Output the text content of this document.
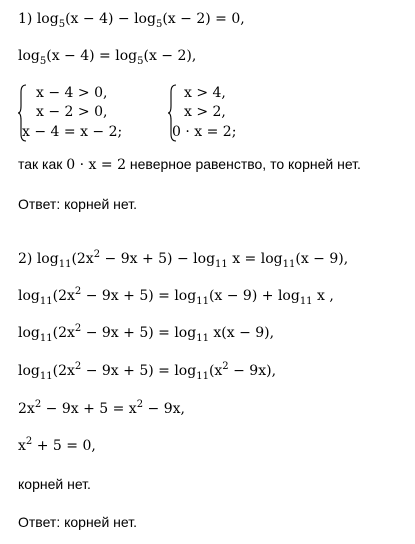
1) $\log_5(x - 4) - \log_5(x - 2) = 0$,
$\log_5(x - 4) = \log_5(x - 2)$,
x − 4 > 0,
x − 2 > 0,
x − 4 = x − 2;
x > 4,
x > 2,
0 · x = 2;
так как 0 · x = 2 неверное равенство, то корней нет.
Ответ: корней нет.
2) $\log_{11}(2x^2 - 9x + 5) - \log_{11} x = \log_{11}(x - 9)$,
$\log_{11}(2x^2 - 9x + 5) = \log_{11}(x - 9) + \log_{11} x$ ,
$\log_{11}(2x^2 - 9x + 5) = \log_{11} x(x - 9)$,
$\log_{11}(2x^2 - 9x + 5) = \log_{11}(x^2 - 9x)$,
$2x^2 - 9x + 5 = x^2 - 9x$,
$x^2 + 5 = 0$,
корней нет.
Ответ: корней нет.
